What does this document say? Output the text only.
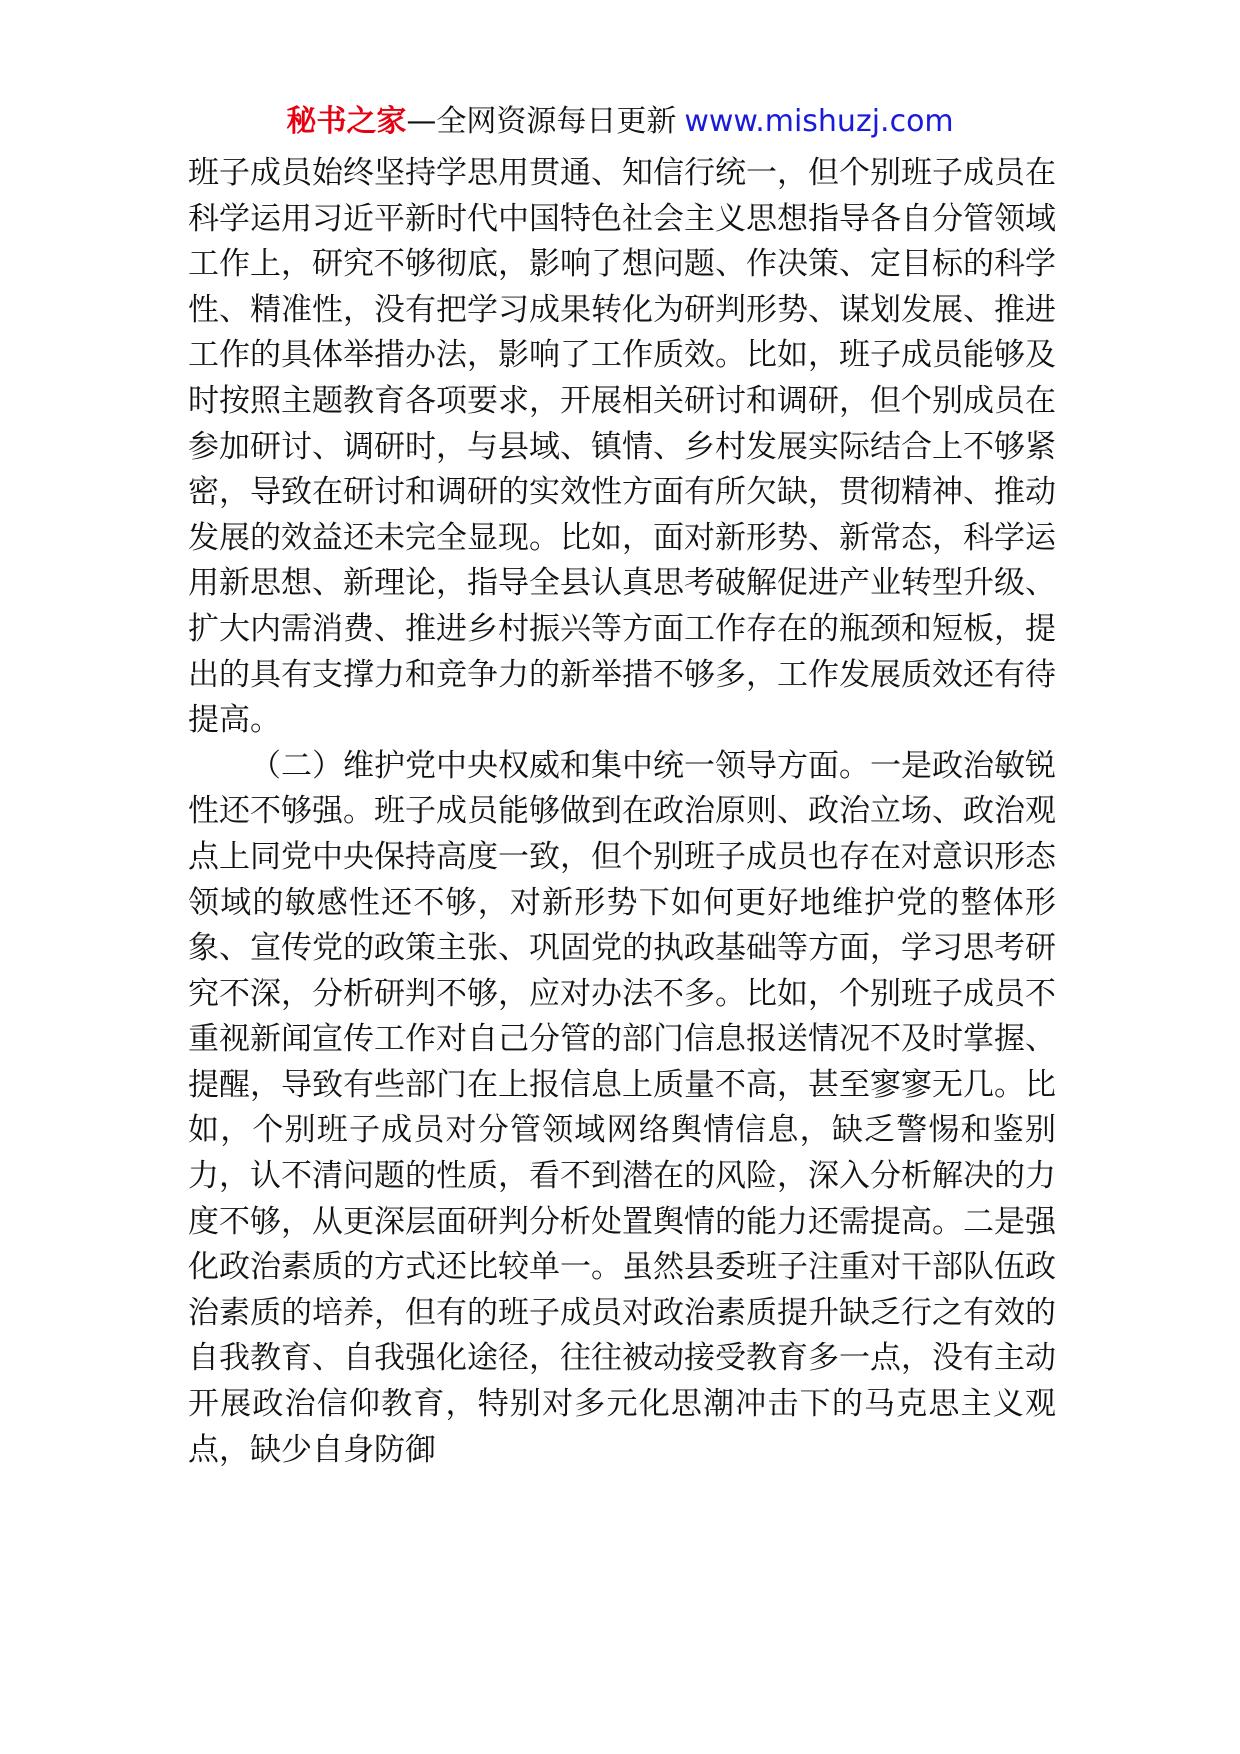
秘书之家—全网资源每日更新 www.mishuzj.com

班子成员始终坚持学思用贯通、知信行统一，但个别班子成员在科学运用习近平新时代中国特色社会主义思想指导各自分管领域工作上，研究不够彻底，影响了想问题、作决策、定目标的科学性、精准性，没有把学习成果转化为研判形势、谋划发展、推进工作的具体举措办法，影响了工作质效。比如，班子成员能够及时按照主题教育各项要求，开展相关研讨和调研，但个别成员在参加研讨、调研时，与县域、镇情、乡村发展实际结合上不够紧密，导致在研讨和调研的实效性方面有所欠缺，贯彻精神、推动发展的效益还未完全显现。比如，面对新形势、新常态，科学运用新思想、新理论，指导全县认真思考破解促进产业转型升级、扩大内需消费、推进乡村振兴等方面工作存在的瓶颈和短板，提出的具有支撑力和竞争力的新举措不够多，工作发展质效还有待提高。

（二）维护党中央权威和集中统一领导方面。一是政治敏锐性还不够强。班子成员能够做到在政治原则、政治立场、政治观点上同党中央保持高度一致，但个别班子成员也存在对意识形态领域的敏感性还不够，对新形势下如何更好地维护党的整体形象、宣传党的政策主张、巩固党的执政基础等方面，学习思考研究不深，分析研判不够，应对办法不多。比如，个别班子成员不重视新闻宣传工作对自己分管的部门信息报送情况不及时掌握、提醒，导致有些部门在上报信息上质量不高，甚至寥寥无几。比如，个别班子成员对分管领域网络舆情信息，缺乏警惕和鉴别力，认不清问题的性质，看不到潜在的风险，深入分析解决的力度不够，从更深层面研判分析处置舆情的能力还需提高。二是强化政治素质的方式还比较单一。虽然县委班子注重对干部队伍政治素质的培养，但有的班子成员对政治素质提升缺乏行之有效的自我教育、自我强化途径，往往被动接受教育多一点，没有主动开展政治信仰教育，特别对多元化思潮冲击下的马克思主义观点，缺少自身防御
